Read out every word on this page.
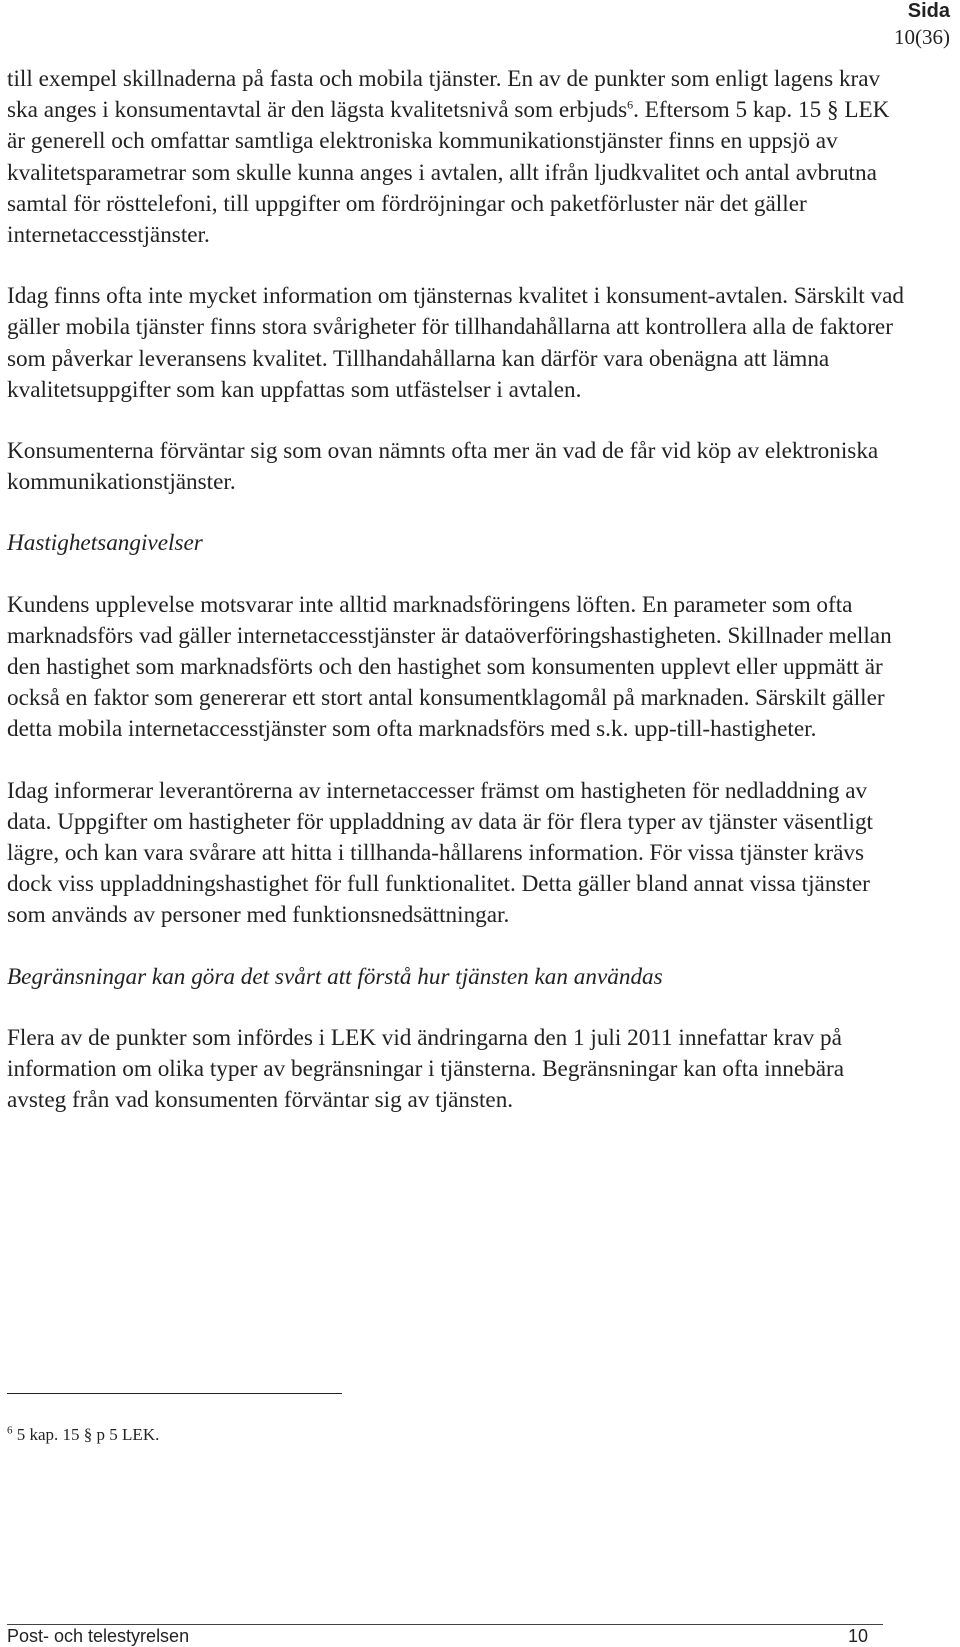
Sida
10(36)

till exempel skillnaderna på fasta och mobila tjänster. En av de punkter som enligt lagens krav ska anges i konsumentavtal är den lägsta kvalitetsnivå som erbjuds$^6$. Eftersom 5 kap. 15 § LEK är generell och omfattar samtliga elektroniska kommunikationstjänster finns en uppsjö av kvalitetsparametrar som skulle kunna anges i avtalen, allt ifrån ljudkvalitet och antal avbrutna samtal för rösttelefoni, till uppgifter om fördröjningar och paketförluster när det gäller internetaccesstjänster.

Idag finns ofta inte mycket information om tjänsternas kvalitet i konsument-avtalen. Särskilt vad gäller mobila tjänster finns stora svårigheter för tillhandahållarna att kontrollera alla de faktorer som påverkar leveransens kvalitet. Tillhandahållarna kan därför vara obenägna att lämna kvalitetsuppgifter som kan uppfattas som utfästelser i avtalen.

Konsumenterna förväntar sig som ovan nämnts ofta mer än vad de får vid köp av elektroniska kommunikationstjänster.

Hastighetsangivelser

Kundens upplevelse motsvarar inte alltid marknadsföringens löften. En parameter som ofta marknadsförs vad gäller internetaccesstjänster är dataöverföringshastigheten. Skillnader mellan den hastighet som marknadsförts och den hastighet som konsumenten upplevt eller uppmätt är också en faktor som genererar ett stort antal konsumentklagomål på marknaden. Särskilt gäller detta mobila internetaccesstjänster som ofta marknadsförs med s.k. upp-till-hastigheter.

Idag informerar leverantörerna av internetaccesser främst om hastigheten för nedladdning av data. Uppgifter om hastigheter för uppladdning av data är för flera typer av tjänster väsentligt lägre, och kan vara svårare att hitta i tillhanda-hållarens information. För vissa tjänster krävs dock viss uppladdningshastighet för full funktionalitet. Detta gäller bland annat vissa tjänster som används av personer med funktionsnedsättningar.

Begränsningar kan göra det svårt att förstå hur tjänsten kan användas

Flera av de punkter som infördes i LEK vid ändringarna den 1 juli 2011 innefattar krav på information om olika typer av begränsningar i tjänsterna. Begränsningar kan ofta innebära avsteg från vad konsumenten förväntar sig av tjänsten.

$^6$ 5 kap. 15 § p 5 LEK.
Post- och telestyrelsen	10
